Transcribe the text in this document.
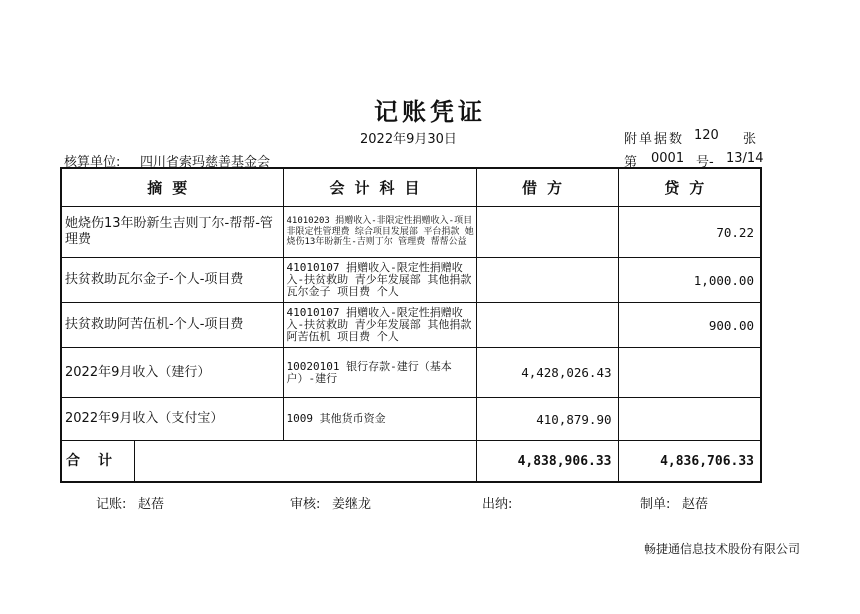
记账凭证
2022年9月30日	附单据数 120 张
核算单位: 四川省索玛慈善基金会	第 0001 号- 13/14
摘要	会计科目	借方	贷方
她烧伤13年盼新生吉则丁尔-帮帮-管理费	41010203 捐赠收入-非限定性捐赠收入-项目非限定性管理费 综合项目发展部 平台捐款 她烧伤13年盼新生-吉则丁尔 管理费 帮帮公益		70.22
扶贫救助瓦尔金子-个人-项目费	41010107 捐赠收入-限定性捐赠收入-扶贫救助 青少年发展部 其他捐款 瓦尔金子 项目费 个人		1,000.00
扶贫救助阿苦伍机-个人-项目费	41010107 捐赠收入-限定性捐赠收入-扶贫救助 青少年发展部 其他捐款 阿苦伍机 项目费 个人		900.00
2022年9月收入（建行）	10020101 银行存款-建行（基本户）-建行	4,428,026.43	
2022年9月收入（支付宝）	1009 其他货币资金	410,879.90	

合计		4,838,906.33	4,836,706.33
记账: 赵蓓	审核: 姜继龙	出纳:	制单: 赵蓓
畅捷通信息技术股份有限公司
